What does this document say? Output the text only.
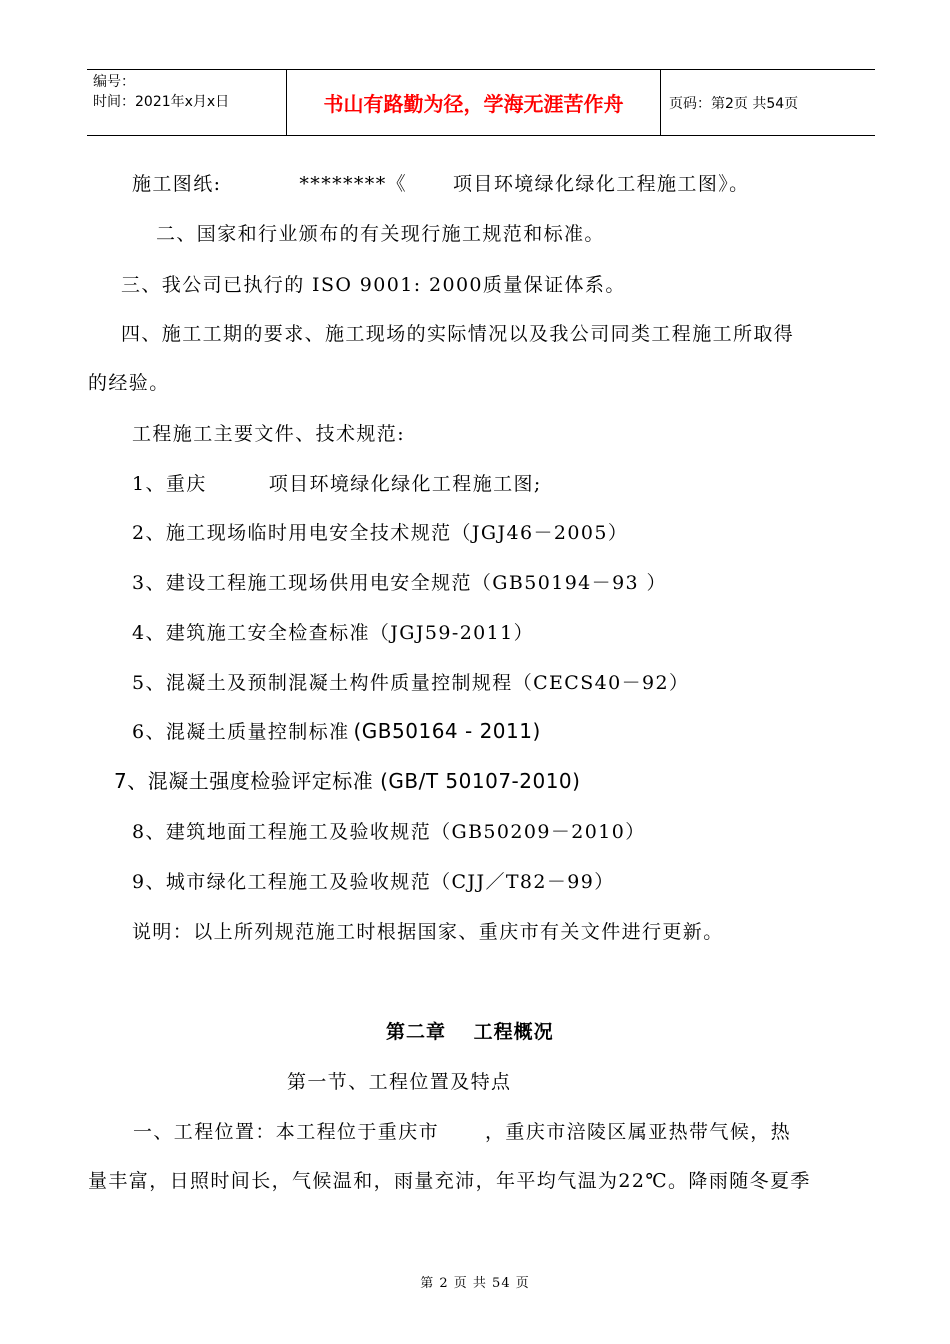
编号：
时间：2021年x月x日	书山有路勤为径，学海无涯苦作舟	页码：第2页 共54页
施工图纸:	********《 项目环境绿化绿化工程施工图》。
二、国家和行业颁布的有关现行施工规范和标准。
三、我公司已执行的 ISO 9001: 2000质量保证体系。
四、施工工期的要求、施工现场的实际情况以及我公司同类工程施工所取得
的经验。
工程施工主要文件、技术规范:
1、重庆	项目环境绿化绿化工程施工图;
2、施工现场临时用电安全技术规范（JGJ46－2005）
3、建设工程施工现场供用电安全规范（GB50194－93 ）
4、建筑施工安全检查标准（JGJ59-2011）
5、混凝土及预制混凝土构件质量控制规程（CECS40－92）
6、混凝土质量控制标准 (GB50164 - 2011)
7、混凝土强度检验评定标准 (GB/T 50107-2010)
8、建筑地面工程施工及验收规范（GB50209－2010）
9、城市绿化工程施工及验收规范（CJJ／T82－99）
说明：以上所列规范施工时根据国家、重庆市有关文件进行更新。
第二章　 工程概况
第一节、工程位置及特点
一、工程位置：本工程位于重庆市 ，重庆市涪陵区属亚热带气候，热
量丰富，日照时间长，气候温和，雨量充沛，年平均气温为22℃。降雨随冬夏季
第 2 页 共 54 页
